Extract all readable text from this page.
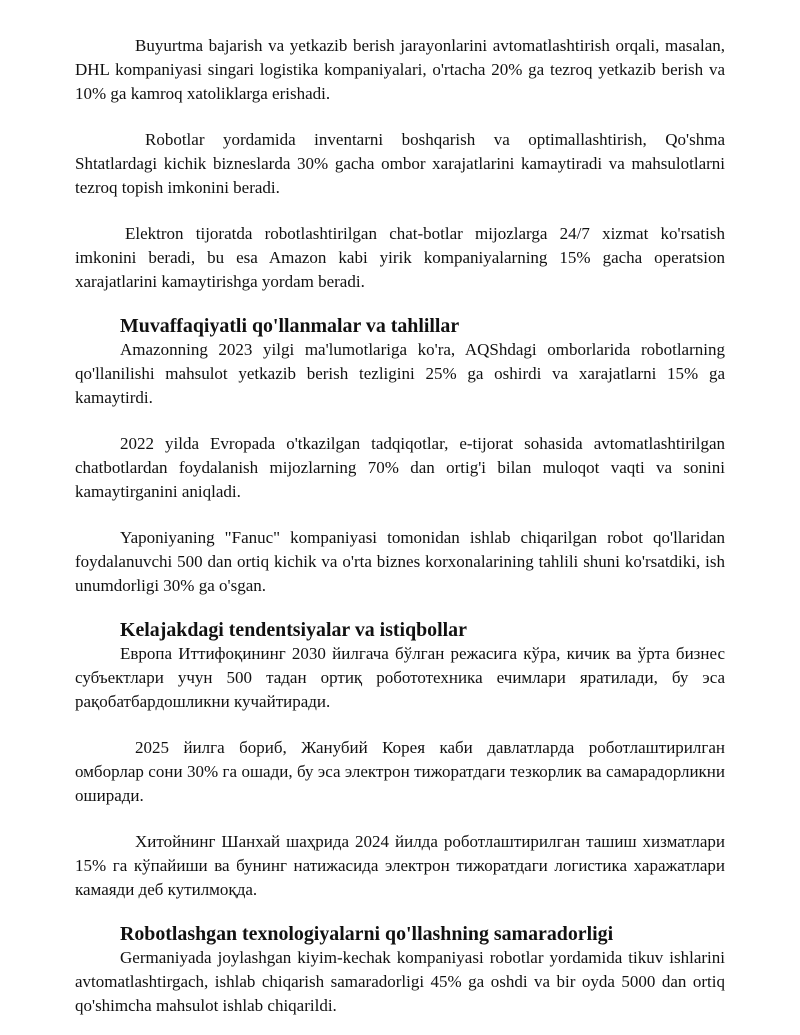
Buyurtma bajarish va yetkazib berish jarayonlarini avtomatlashtirish orqali, masalan, DHL kompaniyasi singari logistika kompaniyalari, o'rtacha 20% ga tezroq yetkazib berish va 10% ga kamroq xatoliklarga erishadi.

Robotlar yordamida inventarni boshqarish va optimallashtirish, Qo'shma Shtatlardagi kichik bizneslarda 30% gacha ombor xarajatlarini kamaytiradi va mahsulotlarni tezroq topish imkonini beradi.

Elektron tijoratda robotlashtirilgan chat-botlar mijozlarga 24/7 xizmat ko'rsatish imkonini beradi, bu esa Amazon kabi yirik kompaniyalarning 15% gacha operatsion xarajatlarini kamaytirishga yordam beradi.

Muvaffaqiyatli qo'llanmalar va tahlillar

Amazonning 2023 yilgi ma'lumotlariga ko'ra, AQShdagi omborlarida robotlarning qo'llanilishi mahsulot yetkazib berish tezligini 25% ga oshirdi va xarajatlarni 15% ga kamaytirdi.

2022 yilda Evropada o'tkazilgan tadqiqotlar, e-tijorat sohasida avtomatlashtirilgan chatbotlardan foydalanish mijozlarning 70% dan ortig'i bilan muloqot vaqti va sonini kamaytirganini aniqladi.

Yaponiyaning "Fanuc" kompaniyasi tomonidan ishlab chiqarilgan robot qo'llaridan foydalanuvchi 500 dan ortiq kichik va o'rta biznes korxonalarining tahlili shuni ko'rsatdiki, ish unumdorligi 30% ga o'sgan.

Kelajakdagi tendentsiyalar va istiqbollar

Европа Иттифоқининг 2030 йилгача бўлган режасига кўра, кичик ва ўрта бизнес субъектлари учун 500 тадан ортиқ робототехника ечимлари яратилади, бу эса рақобатбардошликни кучайтиради.

2025 йилга бориб, Жанубий Корея каби давлатларда роботлаштирилган омборлар сони 30% га ошади, бу эса электрон тижоратдаги тезкорлик ва самарадорликни оширади.

Хитойнинг Шанхай шаҳрида 2024 йилда роботлаштирилган ташиш хизматлари 15% га кўпайиши ва бунинг натижасида электрон тижоратдаги логистика харажатлари камаяди деб кутилмоқда.

Robotlashgan texnologiyalarni qo'llashning samaradorligi

Germaniyada joylashgan kiyim-kechak kompaniyasi robotlar yordamida tikuv ishlarini avtomatlashtirgach, ishlab chiqarish samaradorligi 45% ga oshdi va bir oyda 5000 dan ortiq qo'shimcha mahsulot ishlab chiqarildi.
